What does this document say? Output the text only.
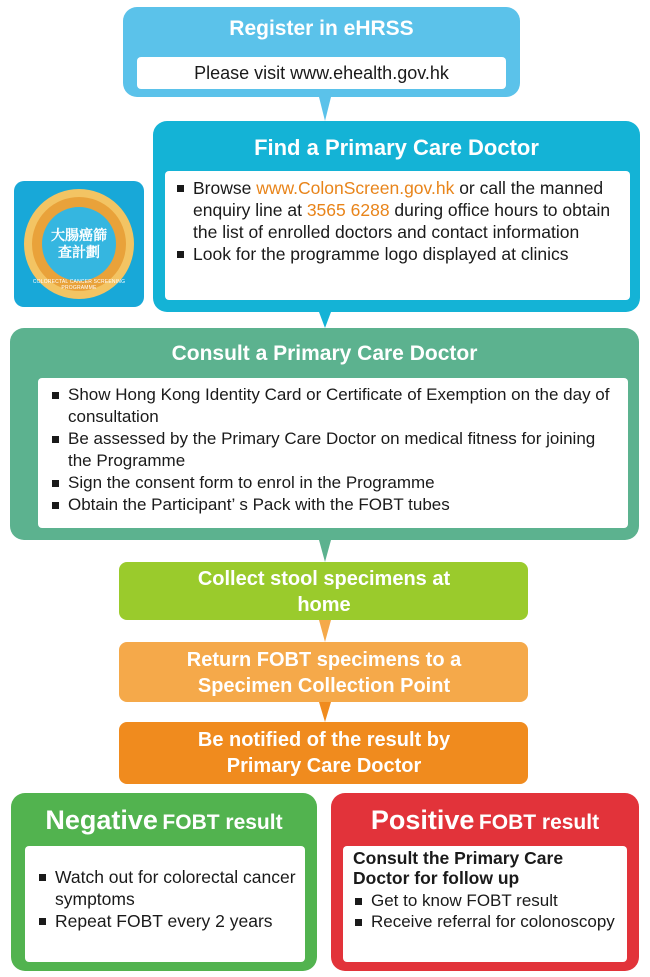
Register in eHRSS
Please visit www.ehealth.gov.hk
大腸癌篩查計劃
COLORECTAL CANCER SCREENING PROGRAMME
Find a Primary Care Doctor
Browse www.ColonScreen.gov.hk or call the manned enquiry line at 3565 6288 during office hours to obtain the list of enrolled doctors and contact information
Look for the programme logo displayed at clinics
Consult a Primary Care Doctor
Show Hong Kong Identity Card or Certificate of Exemption on the day of consultation
Be assessed by the Primary Care Doctor on medical fitness for joining the Programme
Sign the consent form to enrol in the Programme
Obtain the Participant’ s Pack with the FOBT tubes
Collect stool specimens at home
Return FOBT specimens to a Specimen Collection Point
Be notified of the result by Primary Care Doctor
Negative FOBT result
Watch out for colorectal cancer symptoms
Repeat FOBT every 2 years
Positive FOBT result
Consult the Primary Care Doctor for follow up
Get to know FOBT result
Receive referral for colonoscopy
